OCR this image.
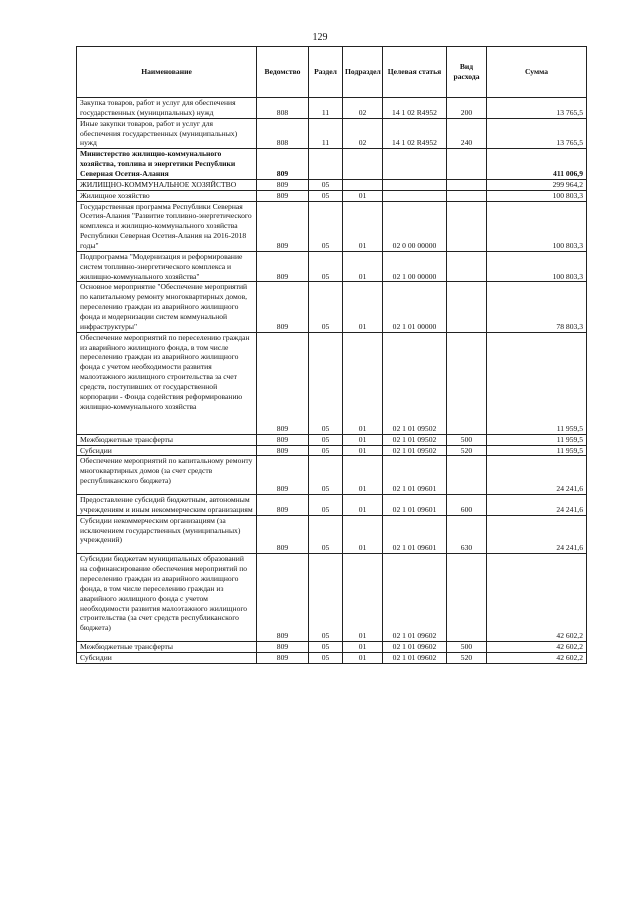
129
Наименование	Ведомство	Раздел	Подраздел	Целевая статья	Вид расхода	Сумма
Закупка товаров, работ и услуг для обеспечения государственных (муниципальных) нужд	808	11	02	14 1 02 R4952	200	13 765,5
Иные закупки товаров, работ и услуг для обеспечения государственных (муниципальных) нужд	808	11	02	14 1 02 R4952	240	13 765,5
Министерство жилищно-коммунального хозяйства, топлива и энергетики Республики Северная Осетия-Алания	809					411 006,9
ЖИЛИЩНО-КОММУНАЛЬНОЕ ХОЗЯЙСТВО	809	05				299 964,2
Жилищное хозяйство	809	05	01			100 803,3
Государственная программа Республики Северная Осетия-Алания "Развитие топливно-энергетического комплекса и жилищно-коммунального хозяйства Республики Северная Осетия-Алания на 2016-2018 годы"	809	05	01	02 0 00 00000		100 803,3
Подпрограмма "Модернизация и реформирование систем топливно-энергетического комплекса и жилищно-коммунального хозяйства"	809	05	01	02 1 00 00000		100 803,3
Основное мероприятие "Обеспечение мероприятий по капитальному ремонту многоквартирных домов, переселению граждан из аварийного жилищного фонда и модернизации систем коммунальной инфраструктуры"	809	05	01	02 1 01 00000		78 803,3
Обеспечение мероприятий по переселению граждан из аварийного жилищного фонда, в том числе переселению граждан из аварийного жилищного фонда с учетом необходимости развития малоэтажного жилищного строительства за счет средств, поступивших от государственной корпорации - Фонда содействия реформированию жилищно-коммунального хозяйства	809	05	01	02 1 01 09502		11 959,5
Межбюджетные трансферты	809	05	01	02 1 01 09502	500	11 959,5
Субсидии	809	05	01	02 1 01 09502	520	11 959,5
Обеспечение мероприятий по капитальному ремонту многоквартирных домов (за счет средств республиканского бюджета)	809	05	01	02 1 01 09601		24 241,6
Предоставление субсидий бюджетным, автономным учреждениям и иным некоммерческим организациям	809	05	01	02 1 01 09601	600	24 241,6
Субсидии некоммерческим организациям (за исключением государственных (муниципальных) учреждений)	809	05	01	02 1 01 09601	630	24 241,6
Субсидии бюджетам муниципальных образований на софинансирование обеспечения мероприятий по переселению граждан из аварийного жилищного фонда, в том числе переселению граждан из аварийного жилищного фонда с учетом необходимости развития малоэтажного жилищного строительства (за счет средств республиканского бюджета)	809	05	01	02 1 01 09602		42 602,2
Межбюджетные трансферты	809	05	01	02 1 01 09602	500	42 602,2
Субсидии	809	05	01	02 1 01 09602	520	42 602,2
